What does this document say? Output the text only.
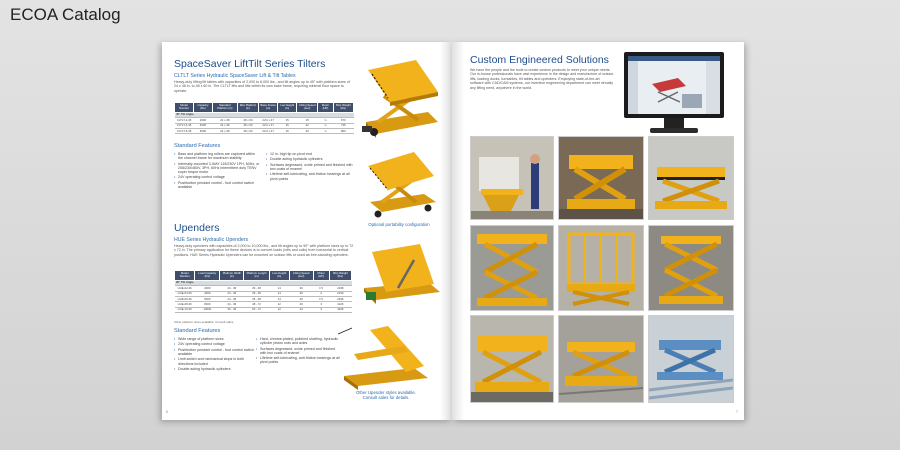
ECOA Catalog
SpaceSaver LiftTilt Series Tilters
CLTLT Series Hydraulic SpaceSaver Lift & Tilt Tables
Heavy-duty lifting lift tables with capacities of 2,000 to 6,000 lbs., and tilt angles up to 45° with platform sizes of 24 x 48 in. to 48 x 60 in. The CLTLT lifts and tilts within its own base frame, requiring minimal floor space to operate.
Model Number	Capacity (lbs)	Standard Platform (in)	Max Platform (in)	Base Frame (in)	Low Height (in)	Lifting Speed (sec)	Motor (HP)	Ship Weight (lbs)
45° Tilt Angle								
CLTLT-2-45	2000	24 x 48	48 x 60	22⅝ x 47	15	15	¾	670
CLTLT-4-45	4000	24 x 48	48 x 60	22⅝ x 47	15	22	¾	735
CLTLT-6-45	6000	24 x 48	48 x 60	22⅝ x 47	15	30	¾	800
Standard Features
• Base and platform leg rollers are captured within the channel frame for maximum stability
• Internally-mounted 3-WAY 115/230V 1PH, 60Hz, or 208/230/460V, 3PH, 60Hz intermittent duty TENV super torque motor
• 24V operating control voltage
• Pushbutton pendant control - foot control switch available
• 12 in. high tip on pivot end
• Double acting hydraulic cylinders
• Surfaces degreased, oxide primed and finished with two coats of enamel
• Lifetime self-lubricating, anti-friction bearings at all pivot points
Optional portability configuration
Upenders
HUE Series Hydraulic Upenders
Heavy-duty upenders with capacities of 2,000 to 10,000 lbs., and tilt angles up to 90° with platform sizes up to 72 x 72 in. The primary application for these devices is to convert loads (rolls and coils) from horizontal to vertical positions. HUE Series Hydraulic Upenders can be mounted on scissor lifts or used as free-standing upenders.
Model Number	Load Capacity (lbs)	Platform Width (in)	Platform Length (in)	Low Height (in)	Lifting Speed (sec)	Motor (HP)	Ship Weight (lbs)
90° Tilt Angle							
HUE-02-36	2000	24 - 36	36 - 48	14	30	1½	2198
HUE-04-36	4000	24 - 36	36 - 48	14	30	2	2230
HUE-06-36	6000	24 - 36	36 - 48	14	40	1½	2336
HUE-08-36	8000	24 - 36	48 - 72	12	40	3	4126
HUE-10-36	10000	30 - 36	60 - 72	12	44	3	4406
Other platform sizes available. Consult sales.
Standard Features
• Wide range of platform sizes
• 24V operating control voltage
• Pushbutton pendant control - foot control switch available
• Limit switch and mechanical stops in both directions included
• Double acting hydraulic cylinders
• Hard, chrome-plated, polished shafting, hydraulic cylinder piston rods and axles
• Surfaces degreased, oxide primed and finished with two coats of enamel
• Lifetime self-lubricating, anti-friction bearings at all pivot points
Other Upender styles available.
Consult sales for details.
6
Custom Engineered Solutions
We have the people and the tools to create custom products to meet your unique needs. Our in-house professionals have vast experience in the design and manufacture of scissor lifts, loading docks, turntables, tilt tables and upenders. Employing state-of-the-art software with CAD/CAM systems, our inventive engineering department can meet virtually any lifting need, anywhere in the world.
7
